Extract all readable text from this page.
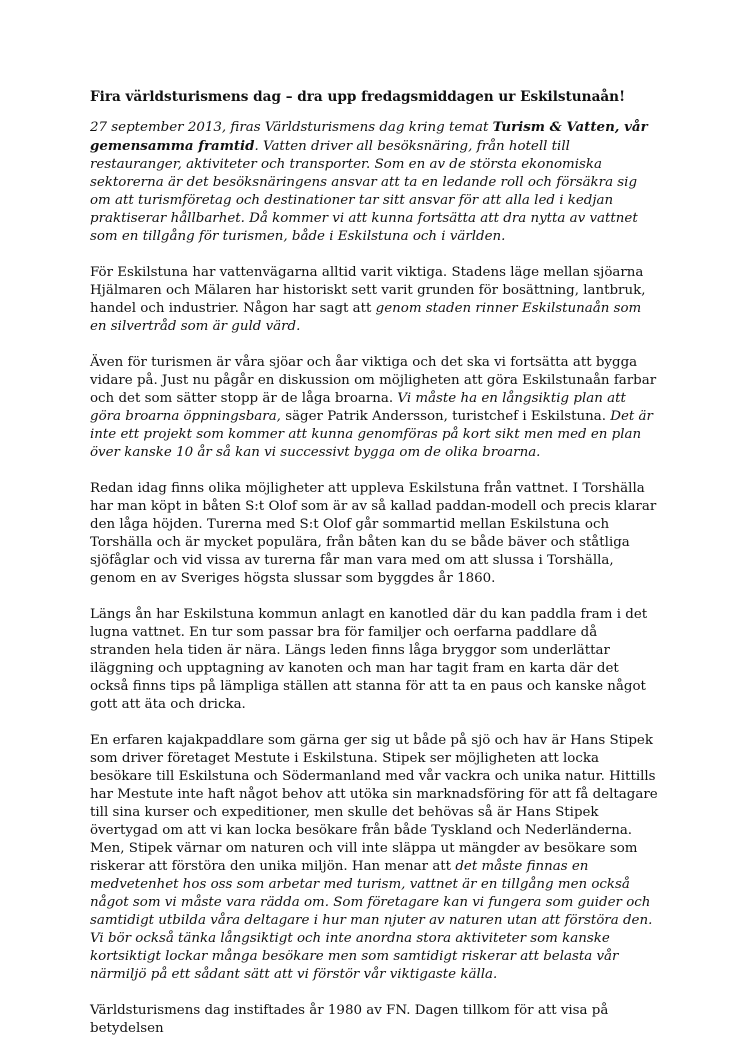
Fira världsturismens dag – dra upp fredagsmiddagen ur Eskilstunaån!

27 september 2013, firas Världsturismens dag kring temat Turism & Vatten, vår gemensamma framtid. Vatten driver all besöksnäring, från hotell till restauranger, aktiviteter och transporter. Som en av de största ekonomiska sektorerna är det besöksnäringens ansvar att ta en ledande roll och försäkra sig om att turismföretag och destinationer tar sitt ansvar för att alla led i kedjan praktiserar hållbarhet. Då kommer vi att kunna fortsätta att dra nytta av vattnet som en tillgång för turismen, både i Eskilstuna och i världen.

För Eskilstuna har vattenvägarna alltid varit viktiga. Stadens läge mellan sjöarna Hjälmaren och Mälaren har historiskt sett varit grunden för bosättning, lantbruk, handel och industrier. Någon har sagt att genom staden rinner Eskilstunaån som en silvertråd som är guld värd.

Även för turismen är våra sjöar och åar viktiga och det ska vi fortsätta att bygga vidare på. Just nu pågår en diskussion om möjligheten att göra Eskilstunaån farbar och det som sätter stopp är de låga broarna. Vi måste ha en långsiktig plan att göra broarna öppningsbara, säger Patrik Andersson, turistchef i Eskilstuna. Det är inte ett projekt som kommer att kunna genomföras på kort sikt men med en plan över kanske 10 år så kan vi successivt bygga om de olika broarna.

Redan idag finns olika möjligheter att uppleva Eskilstuna från vattnet. I Torshälla har man köpt in båten S:t Olof som är av så kallad paddan-modell och precis klarar den låga höjden. Turerna med S:t Olof går sommartid mellan Eskilstuna och Torshälla och är mycket populära, från båten kan du se både bäver och ståtliga sjöfåglar och vid vissa av turerna får man vara med om att slussa i Torshälla, genom en av Sveriges högsta slussar som byggdes år 1860.

Längs ån har Eskilstuna kommun anlagt en kanotled där du kan paddla fram i det lugna vattnet. En tur som passar bra för familjer och oerfarna paddlare då stranden hela tiden är nära. Längs leden finns låga bryggor som underlättar iläggning och upptagning av kanoten och man har tagit fram en karta där det också finns tips på lämpliga ställen att stanna för att ta en paus och kanske något gott att äta och dricka.

En erfaren kajakpaddlare som gärna ger sig ut både på sjö och hav är Hans Stipek som driver företaget Mestute i Eskilstuna. Stipek ser möjligheten att locka besökare till Eskilstuna och Södermanland med vår vackra och unika natur. Hittills har Mestute inte haft något behov att utöka sin marknadsföring för att få deltagare till sina kurser och expeditioner, men skulle det behövas så är Hans Stipek övertygad om att vi kan locka besökare från både Tyskland och Nederländerna. Men, Stipek värnar om naturen och vill inte släppa ut mängder av besökare som riskerar att förstöra den unika miljön. Han menar att det måste finnas en medvetenhet hos oss som arbetar med turism, vattnet är en tillgång men också något som vi måste vara rädda om. Som företagare kan vi fungera som guider och samtidigt utbilda våra deltagare i hur man njuter av naturen utan att förstöra den. Vi bör också tänka långsiktigt och inte anordna stora aktiviteter som kanske kortsiktigt lockar många besökare men som samtidigt riskerar att belasta vår närmiljö på ett sådant sätt att vi förstör vår viktigaste källa.

Världsturismens dag instiftades år 1980 av FN. Dagen tillkom för att visa på betydelsen
